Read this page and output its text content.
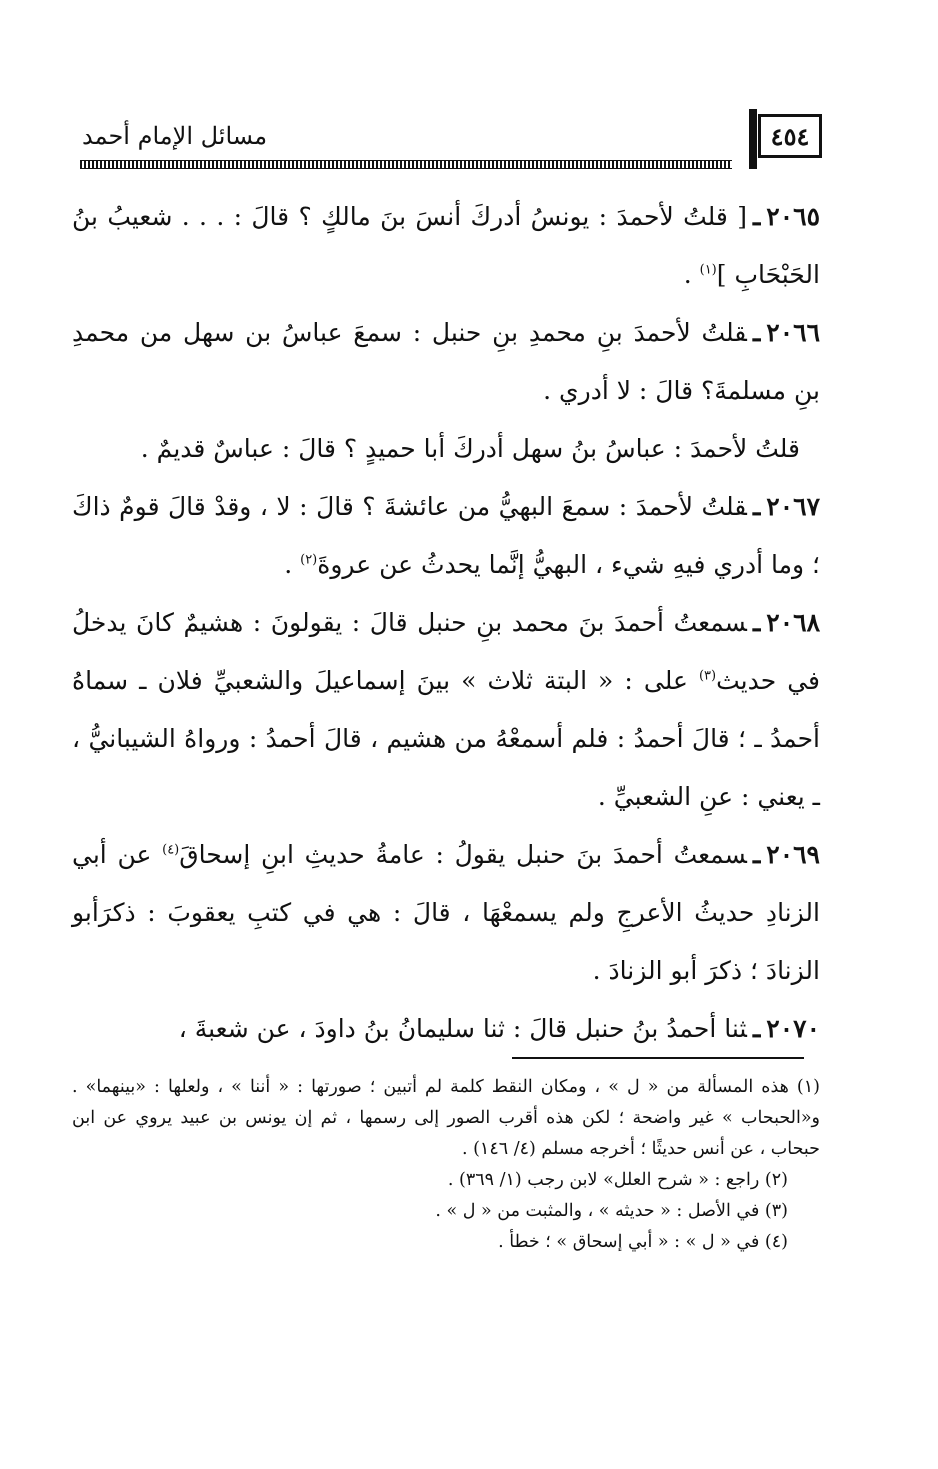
٤٥٤
مسائل الإمام أحمد

٢٠٦٥ـ[ قلتُ لأحمدَ : يونسُ أدركَ أنسَ بنَ مالكٍ ؟ قالَ : . . . شعيبُ بنُ الحَبْحَابِ ]$^{(١)}$ .

٢٠٦٦ـقلتُ لأحمدَ بنِ محمدِ بنِ حنبل : سمعَ عباسُ بن سهل من محمدِ بنِ مسلمةَ؟ قالَ : لا أدري .

قلتُ لأحمدَ : عباسُ بنُ سهل أدركَ أبا حميدٍ ؟ قالَ : عباسٌ قديمٌ .

٢٠٦٧ـقلتُ لأحمدَ : سمعَ البهيُّ من عائشةَ ؟ قالَ : لا ، وقدْ قالَ قومٌ ذاكَ ؛ وما أدري فيهِ شيء ، البهيُّ إنَّما يحدثُ عن عروةَ$^{(٢)}$ .

٢٠٦٨ـسمعتُ أحمدَ بنَ محمد بنِ حنبل قالَ : يقولونَ : هشيمٌ كانَ يدخلُ في حديث$^{(٣)}$ على : « البتة ثلاث » بينَ إسماعيلَ والشعبيِّ فلان ـ سماهُ أحمدُ ـ ؛ قالَ أحمدُ : فلم أسمعْهُ من هشيم ، قالَ أحمدُ : ورواهُ الشيبانيُّ ، ـ يعني : عنِ الشعبيِّ .

٢٠٦٩ـسمعتُ أحمدَ بنَ حنبل يقولُ : عامةُ حديثِ ابنِ إسحاقَ$^{(٤)}$ عن أبي الزنادِ حديثُ الأعرجِ ولم يسمعْهَا ، قالَ : هي في كتبِ يعقوبَ : ذكرَأبو الزنادَ ؛ ذكرَ أبو الزنادَ .

٢٠٧٠ـثنا أحمدُ بنُ حنبل قالَ : ثنا سليمانُ بنُ داودَ ، عن شعبةَ ،

(١) هذه المسألة من « ل » ، ومكان النقط كلمة لم أتبين ؛ صورتها : « أننا » ، ولعلها : «بينهما» . و«الحبحاب » غير واضحة ؛ لكن هذه أقرب الصور إلى رسمها ، ثم إن يونس بن عبيد يروي عن ابن حبحاب ، عن أنس حديثًا ؛ أخرجه مسلم (٤/ ١٤٦) .

(٢) راجع : « شرح العلل» لابن رجب (١/ ٣٦٩) .

(٣) في الأصل : « حديثه » ، والمثبت من « ل » .

(٤) في « ل » : « أبي إسحاق » ؛ خطأ .
